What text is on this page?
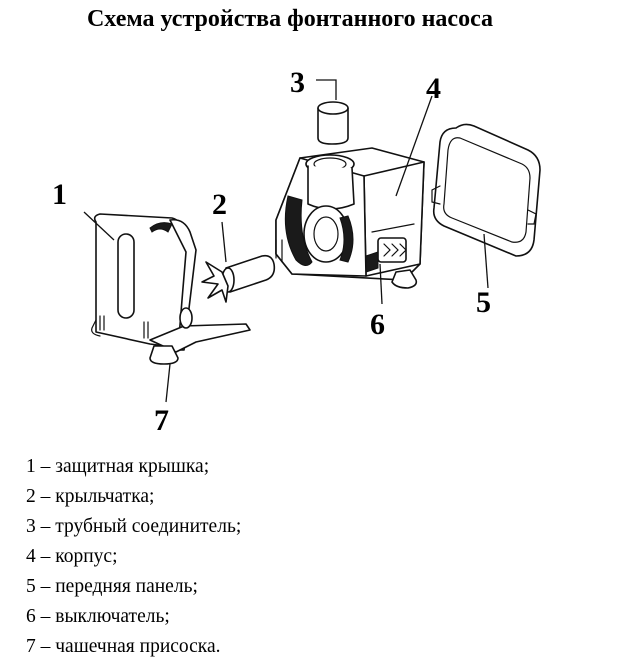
Схема устройства фонтанного насоса
1	2
3	4
5
6
7
1 – защитная крышка;
2 – крыльчатка;
3 – трубный соединитель;
4 – корпус;
5 – передняя панель;
6 – выключатель;
7 – чашечная присоска.
